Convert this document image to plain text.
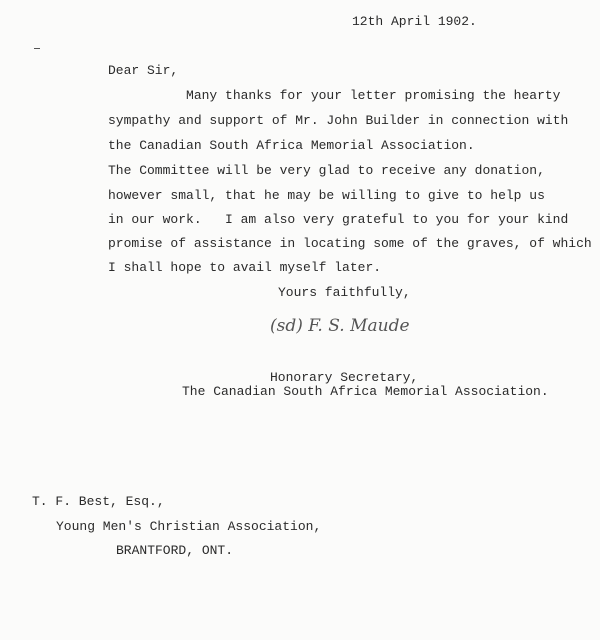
12th April 1902.
Dear Sir,
Many thanks for your letter promising the hearty
sympathy and support of Mr. John Builder in connection with
the Canadian South Africa Memorial Association.
The Committee will be very glad to receive any donation,
however small, that he may be willing to give to help us
in our work.   I am also very grateful to you for your kind
promise of assistance in locating some of the graves, of which
I shall hope to avail myself later.
Yours faithfully,
(sd) F. S. Maude
Honorary Secretary,
The Canadian South Africa Memorial Association.
T. F. Best, Esq.,
Young Men's Christian Association,
BRANTFORD, ONT.
